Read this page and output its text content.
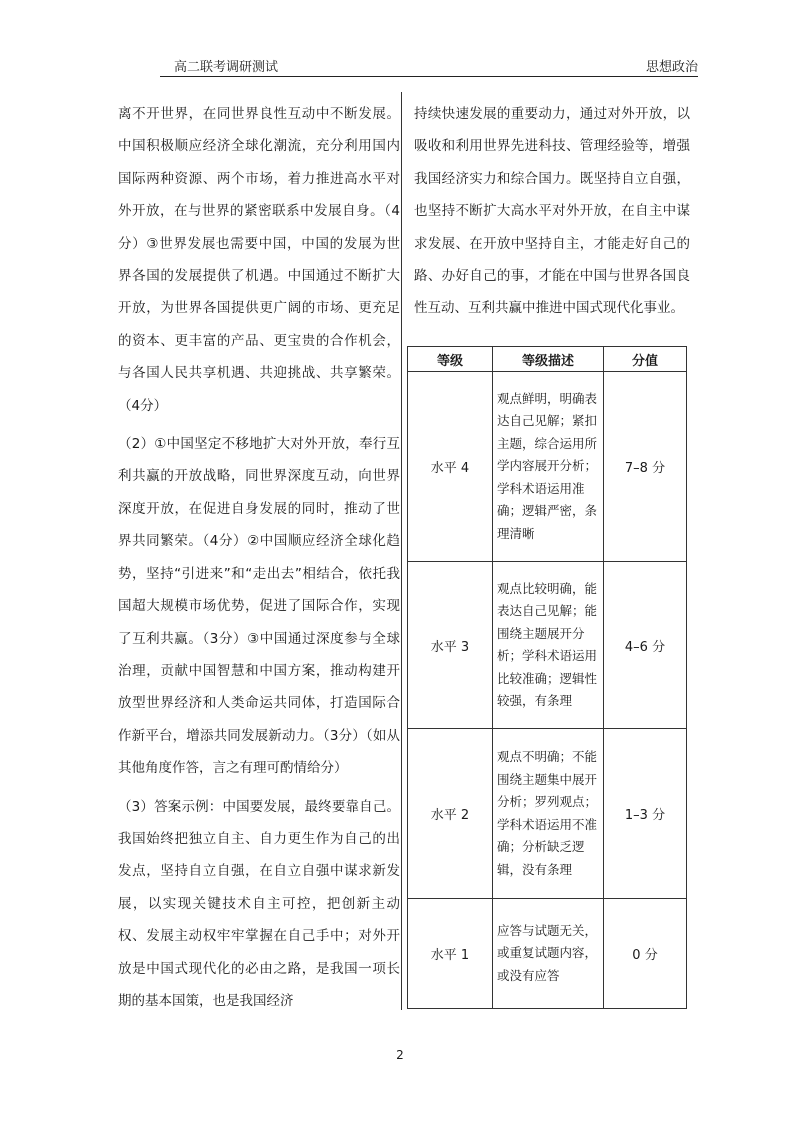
高二联考调研测试	思想政治

离不开世界，在同世界良性互动中不断发展。中国积极顺应经济全球化潮流，充分利用国内国际两种资源、两个市场，着力推进高水平对外开放，在与世界的紧密联系中发展自身。（4分）③世界发展也需要中国，中国的发展为世界各国的发展提供了机遇。中国通过不断扩大开放，为世界各国提供更广阔的市场、更充足的资本、更丰富的产品、更宝贵的合作机会，与各国人民共享机遇、共迎挑战、共享繁荣。（4分）

（2）①中国坚定不移地扩大对外开放，奉行互利共赢的开放战略，同世界深度互动，向世界深度开放，在促进自身发展的同时，推动了世界共同繁荣。（4分）②中国顺应经济全球化趋势，坚持“引进来”和“走出去”相结合，依托我国超大规模市场优势，促进了国际合作，实现了互利共赢。（3分）③中国通过深度参与全球治理，贡献中国智慧和中国方案，推动构建开放型世界经济和人类命运共同体，打造国际合作新平台，增添共同发展新动力。（3分）（如从其他角度作答，言之有理可酌情给分）

（3）答案示例：中国要发展，最终要靠自己。我国始终把独立自主、自力更生作为自己的出发点，坚持自立自强，在自立自强中谋求新发展，以实现关键技术自主可控，把创新主动权、发展主动权牢牢掌握在自己手中；对外开放是中国式现代化的必由之路，是我国一项长期的基本国策，也是我国经济

持续快速发展的重要动力，通过对外开放，以吸收和利用世界先进科技、管理经验等，增强我国经济实力和综合国力。既坚持自立自强，也坚持不断扩大高水平对外开放，在自主中谋求发展、在开放中坚持自主，才能走好自己的路、办好自己的事，才能在中国与世界各国良性互动、互利共赢中推进中国式现代化事业。

等级	等级描述	分值
水平 4	观点鲜明，明确表达自己见解；紧扣主题，综合运用所学内容展开分析；学科术语运用准确；逻辑严密，条理清晰	7–8 分
水平 3	观点比较明确，能表达自己见解；能围绕主题展开分析；学科术语运用比较准确；逻辑性较强，有条理	4–6 分
水平 2	观点不明确；不能围绕主题集中展开分析；罗列观点；学科术语运用不准确；分析缺乏逻辑，没有条理	1–3 分
水平 1	应答与试题无关，或重复试题内容，或没有应答	0 分
2
